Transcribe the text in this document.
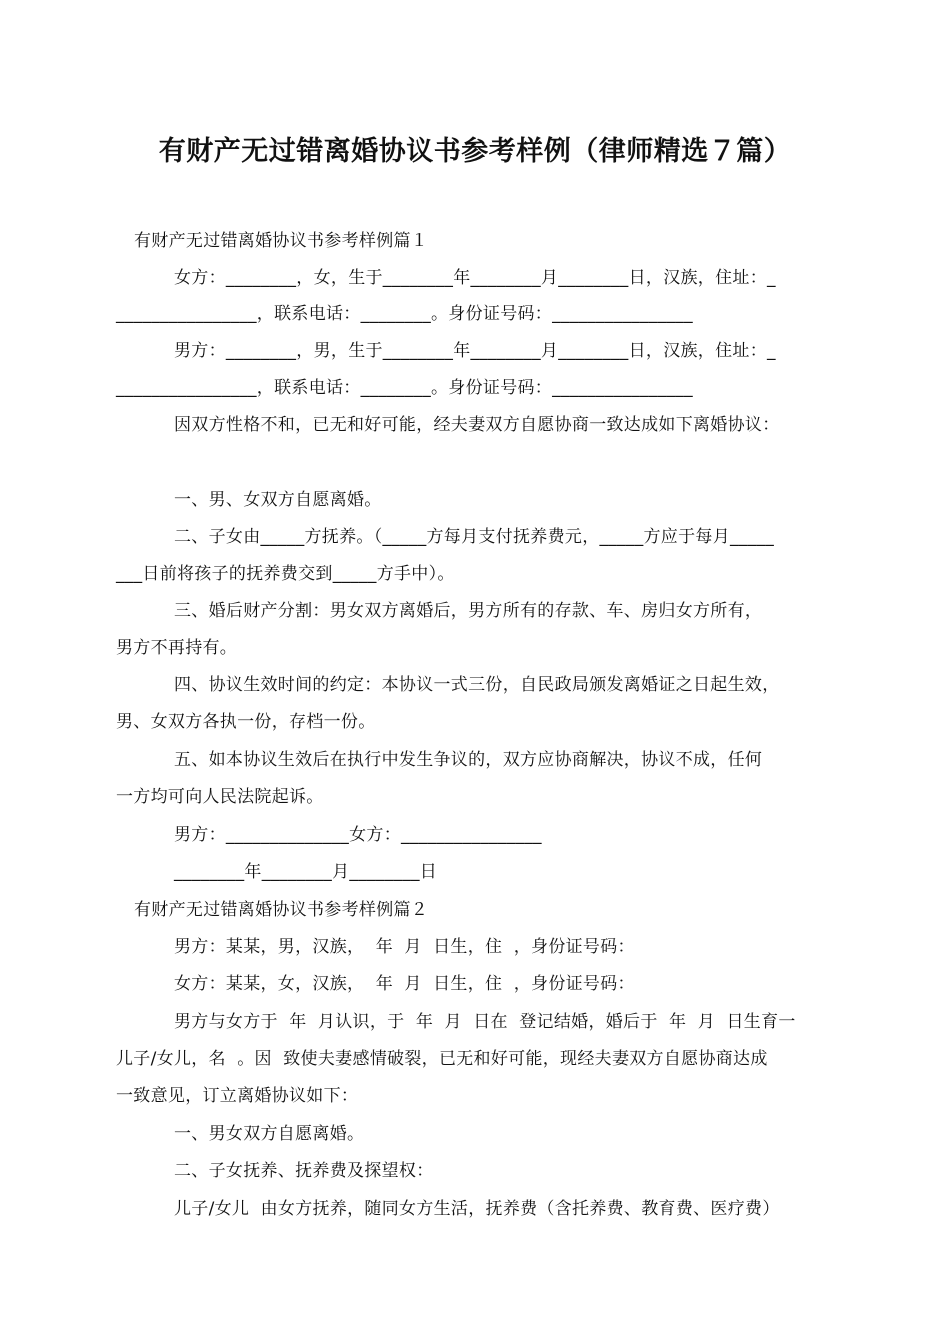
有财产无过错离婚协议书参考样例（律师精选７篇）
有财产无过错离婚协议书参考样例篇１
女方：________，女，生于________年________月________日，汉族，住址：_
________________，联系电话：________。身份证号码：________________
男方：________，男，生于________年________月________日，汉族，住址：_
________________，联系电话：________。身份证号码：________________
因双方性格不和，已无和好可能，经夫妻双方自愿协商一致达成如下离婚协议：
一、男、女双方自愿离婚。
二、子女由_____方抚养。（_____方每月支付抚养费元，_____方应于每月_____
___日前将孩子的抚养费交到_____方手中）。
三、婚后财产分割：男女双方离婚后，男方所有的存款、车、房归女方所有，
男方不再持有。
四、协议生效时间的约定：本协议一式三份，自民政局颁发离婚证之日起生效，
男、女双方各执一份，存档一份。
五、如本协议生效后在执行中发生争议的，双方应协商解决，协议不成，任何
一方均可向人民法院起诉。
男方：______________女方：________________
________年________月________日
有财产无过错离婚协议书参考样例篇２
男方：某某，男，汉族，  年  月  日生，住  ，身份证号码：
女方：某某，女，汉族，  年  月  日生，住  ，身份证号码：
男方与女方于  年  月认识，于  年  月  日在  登记结婚，婚后于  年  月  日生育一
儿子/女儿，名  。因  致使夫妻感情破裂，已无和好可能，现经夫妻双方自愿协商达成
一致意见，订立离婚协议如下：
一、男女双方自愿离婚。
二、子女抚养、抚养费及探望权：
儿子/女儿  由女方抚养，随同女方生活，抚养费（含托养费、教育费、医疗费）
